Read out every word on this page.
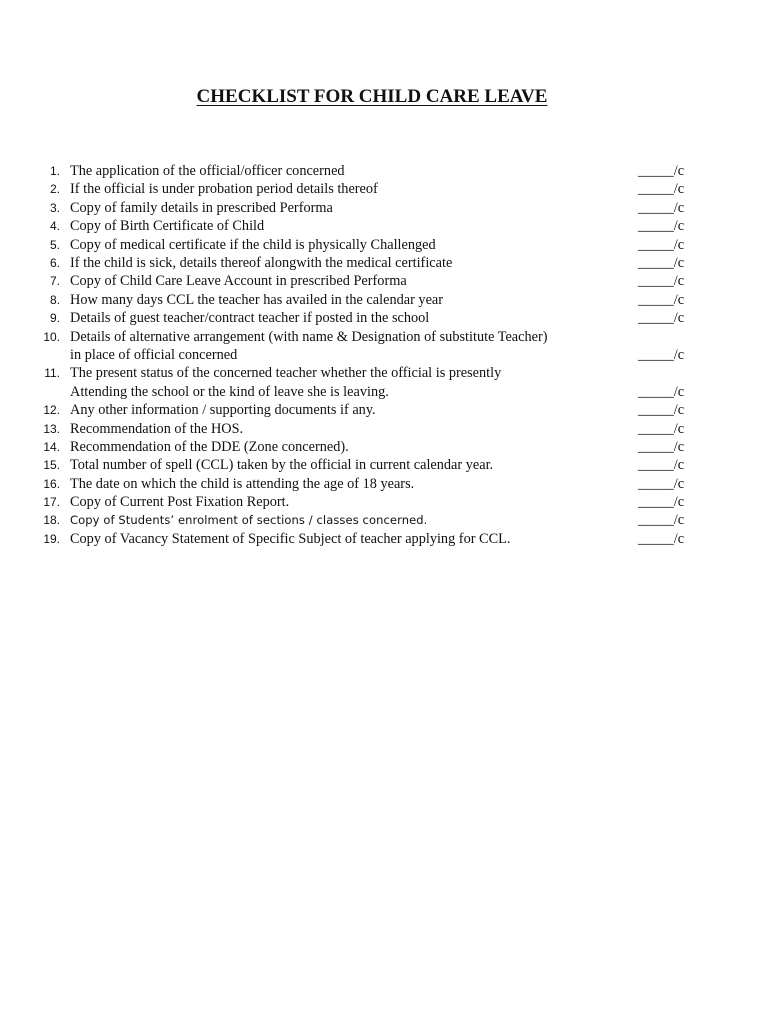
CHECKLIST FOR CHILD CARE LEAVE
1. The application of the official/officer concerned	_____/c
2. If the official is under probation period details thereof	_____/c
3. Copy of family details in prescribed Performa	_____/c
4. Copy of Birth Certificate of Child	_____/c
5. Copy of medical certificate if the child is physically Challenged	_____/c
6. If the child is sick, details thereof alongwith the medical certificate	_____/c
7. Copy of Child Care Leave Account in prescribed Performa	_____/c
8. How many days CCL the teacher has availed in the calendar year	_____/c
9. Details of guest teacher/contract teacher if posted in the school	_____/c
10. Details of alternative arrangement (with name & Designation of substitute Teacher)
in place of official concerned	_____/c
11. The present status of the concerned teacher whether the official is presently
Attending the school or the kind of leave she is leaving.	_____/c
12. Any other information / supporting documents if any.	_____/c
13. Recommendation of the HOS.	_____/c
14. Recommendation of the DDE (Zone concerned).	_____/c
15. Total number of spell (CCL) taken by the official in current calendar year.	_____/c
16. The date on which the child is attending the age of 18 years.	_____/c
17. Copy of Current Post Fixation Report.	_____/c
18. Copy of Students’ enrolment of sections / classes concerned.	_____/c
19. Copy of Vacancy Statement of Specific Subject of teacher applying for CCL.	_____/c
